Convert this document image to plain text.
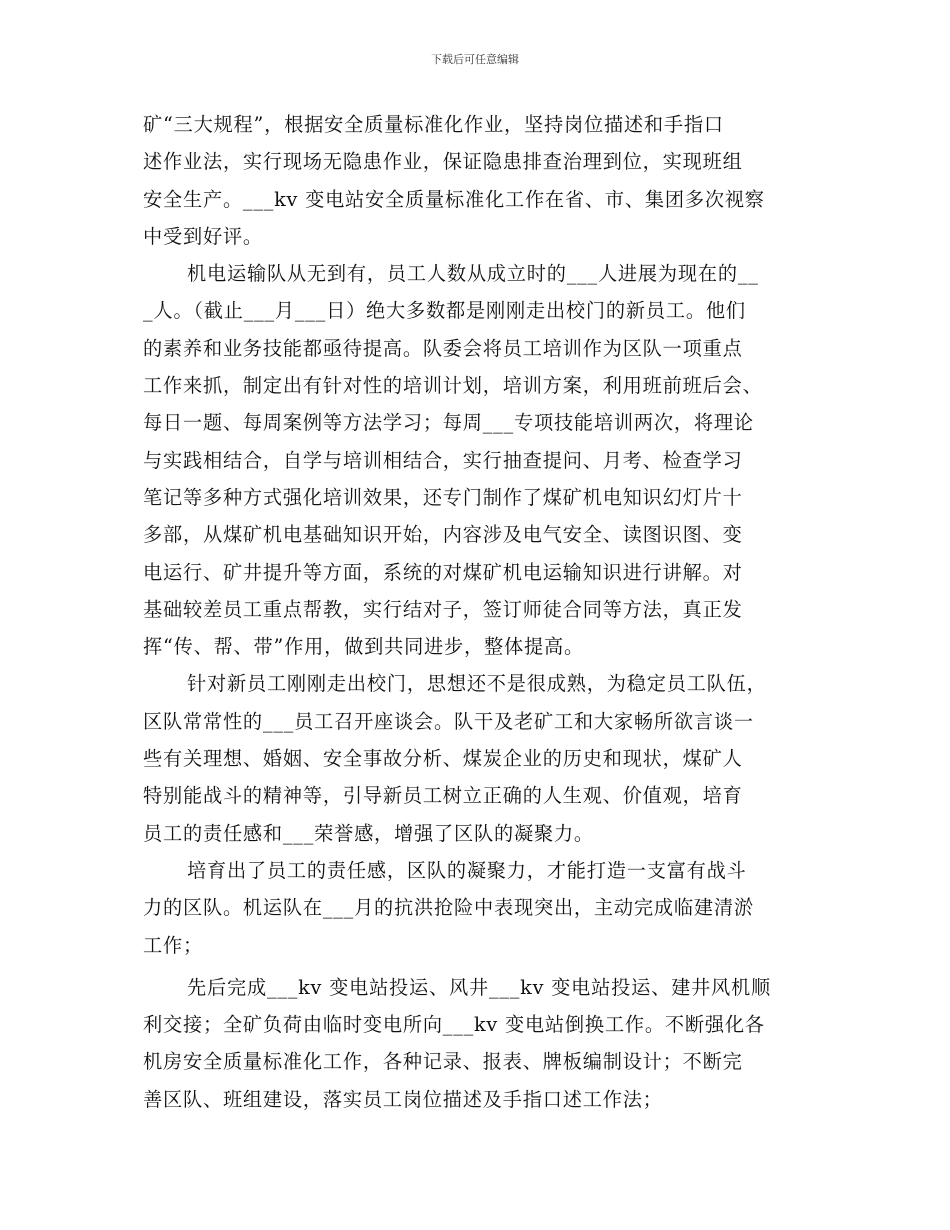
下载后可任意编辑
矿“三大规程”，根据安全质量标准化作业，坚持岗位描述和手指口
述作业法，实行现场无隐患作业，保证隐患排查治理到位，实现班组
安全生产。___kv 变电站安全质量标准化工作在省、市、集团多次视察
中受到好评。
机电运输队从无到有，员工人数从成立时的___人进展为现在的__
_人。（截止___月___日）绝大多数都是刚刚走出校门的新员工。他们
的素养和业务技能都亟待提高。队委会将员工培训作为区队一项重点
工作来抓，制定出有针对性的培训计划，培训方案，利用班前班后会、
每日一题、每周案例等方法学习；每周___专项技能培训两次，将理论
与实践相结合，自学与培训相结合，实行抽查提问、月考、检查学习
笔记等多种方式强化培训效果，还专门制作了煤矿机电知识幻灯片十
多部，从煤矿机电基础知识开始，内容涉及电气安全、读图识图、变
电运行、矿井提升等方面，系统的对煤矿机电运输知识进行讲解。对
基础较差员工重点帮教，实行结对子，签订师徒合同等方法，真正发
挥“传、帮、带”作用，做到共同进步，整体提高。
针对新员工刚刚走出校门，思想还不是很成熟，为稳定员工队伍，
区队常常性的___员工召开座谈会。队干及老矿工和大家畅所欲言谈一
些有关理想、婚姻、安全事故分析、煤炭企业的历史和现状，煤矿人
特别能战斗的精神等，引导新员工树立正确的人生观、价值观，培育
员工的责任感和___荣誉感，增强了区队的凝聚力。
培育出了员工的责任感，区队的凝聚力，才能打造一支富有战斗
力的区队。机运队在___月的抗洪抢险中表现突出，主动完成临建清淤
工作；
先后完成___kv 变电站投运、风井___kv 变电站投运、建井风机顺
利交接；全矿负荷由临时变电所向___kv 变电站倒换工作。不断强化各
机房安全质量标准化工作，各种记录、报表、牌板编制设计；不断完
善区队、班组建设，落实员工岗位描述及手指口述工作法；
